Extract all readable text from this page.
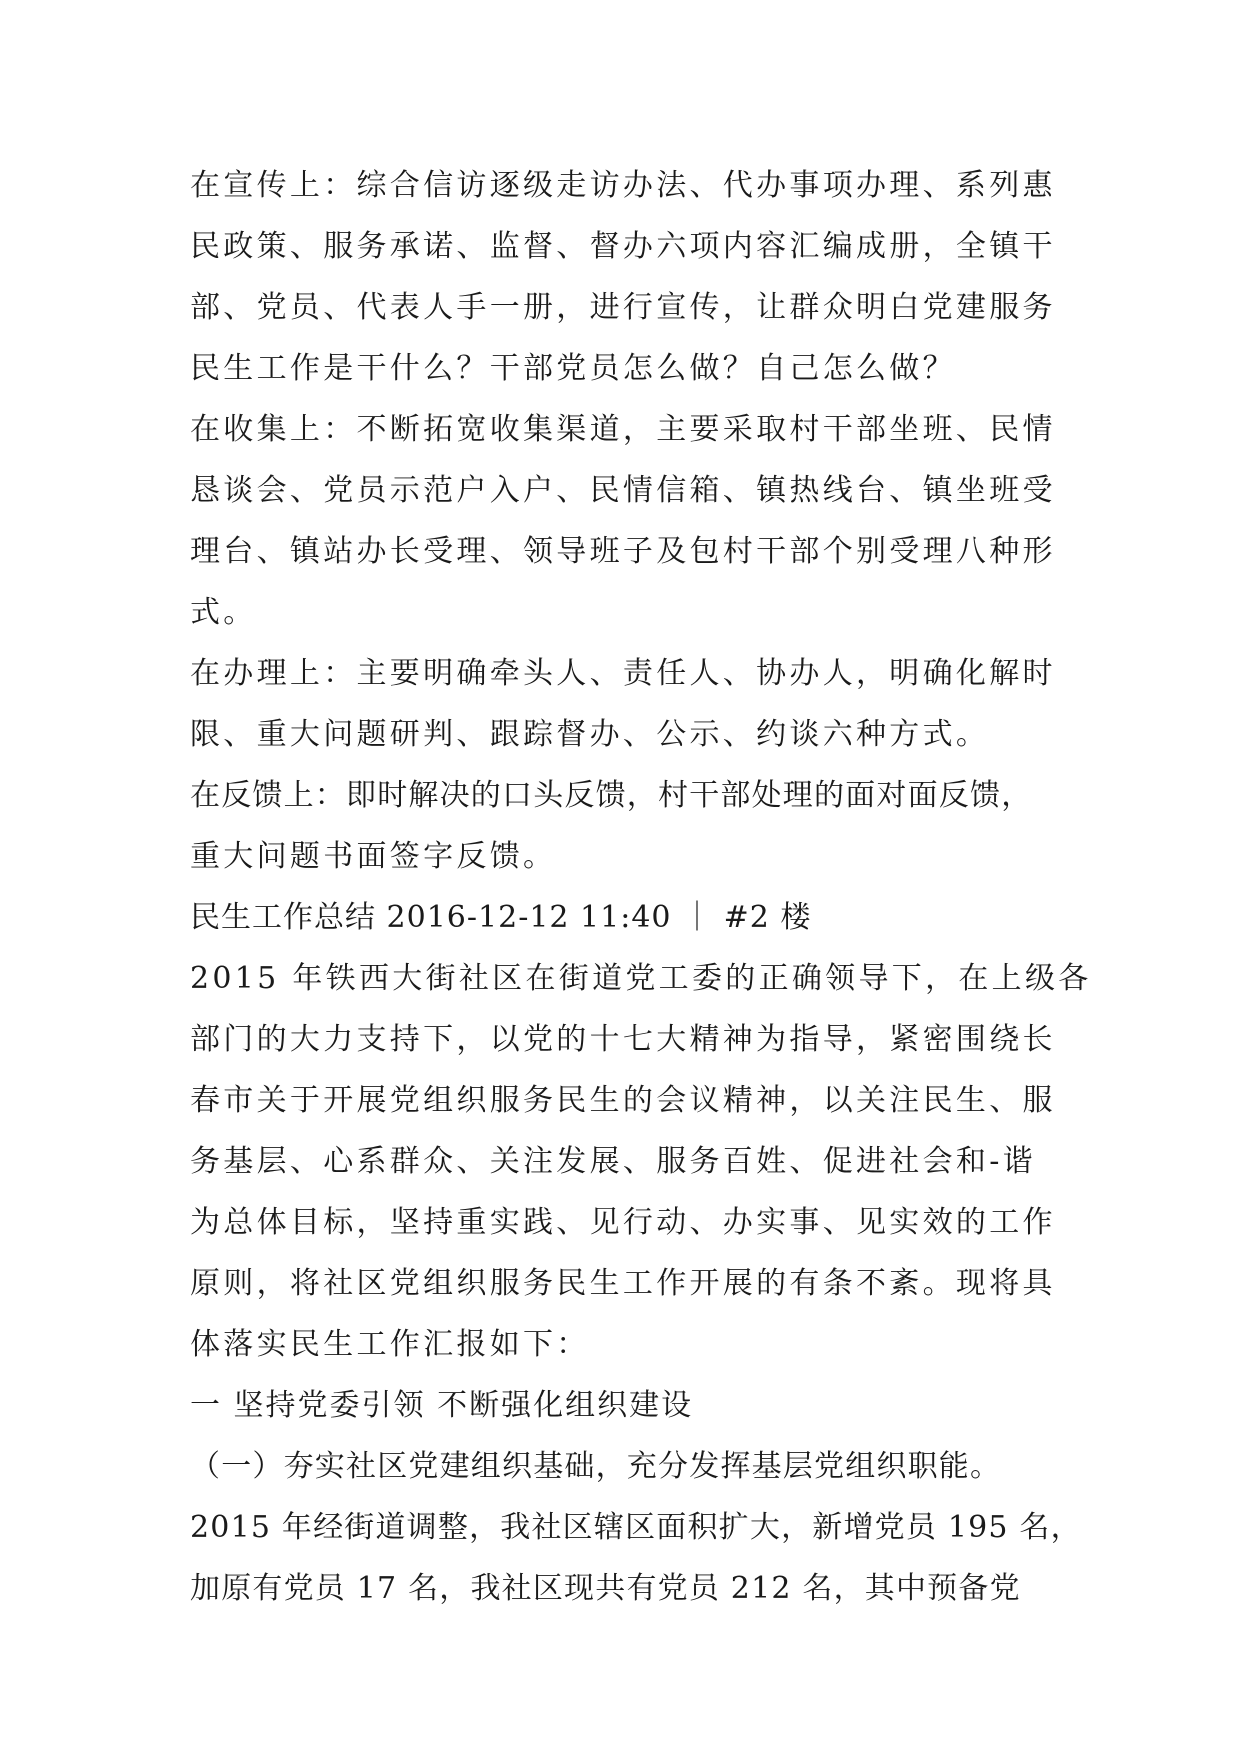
在宣传上：综合信访逐级走访办法、代办事项办理、系列惠
民政策、服务承诺、监督、督办六项内容汇编成册，全镇干
部、党员、代表人手一册，进行宣传，让群众明白党建服务
民生工作是干什么？干部党员怎么做？自己怎么做？
在收集上：不断拓宽收集渠道，主要采取村干部坐班、民情
恳谈会、党员示范户入户、民情信箱、镇热线台、镇坐班受
理台、镇站办长受理、领导班子及包村干部个别受理八种形
式。
在办理上：主要明确牵头人、责任人、协办人，明确化解时
限、重大问题研判、跟踪督办、公示、约谈六种方式。
在反馈上：即时解决的口头反馈，村干部处理的面对面反馈，
重大问题书面签字反馈。
民生工作总结 2016-12-12 11:40 ｜ #2 楼
2015 年铁西大街社区在街道党工委的正确领导下，在上级各
部门的大力支持下，以党的十七大精神为指导，紧密围绕长
春市关于开展党组织服务民生的会议精神，以关注民生、服
务基层、心系群众、关注发展、服务百姓、促进社会和-谐
为总体目标，坚持重实践、见行动、办实事、见实效的工作
原则，将社区党组织服务民生工作开展的有条不紊。现将具
体落实民生工作汇报如下：
一 坚持党委引领 不断强化组织建设
（一）夯实社区党建组织基础，充分发挥基层党组织职能。
2015 年经街道调整，我社区辖区面积扩大，新增党员 195 名，
加原有党员 17 名，我社区现共有党员 212 名，其中预备党
